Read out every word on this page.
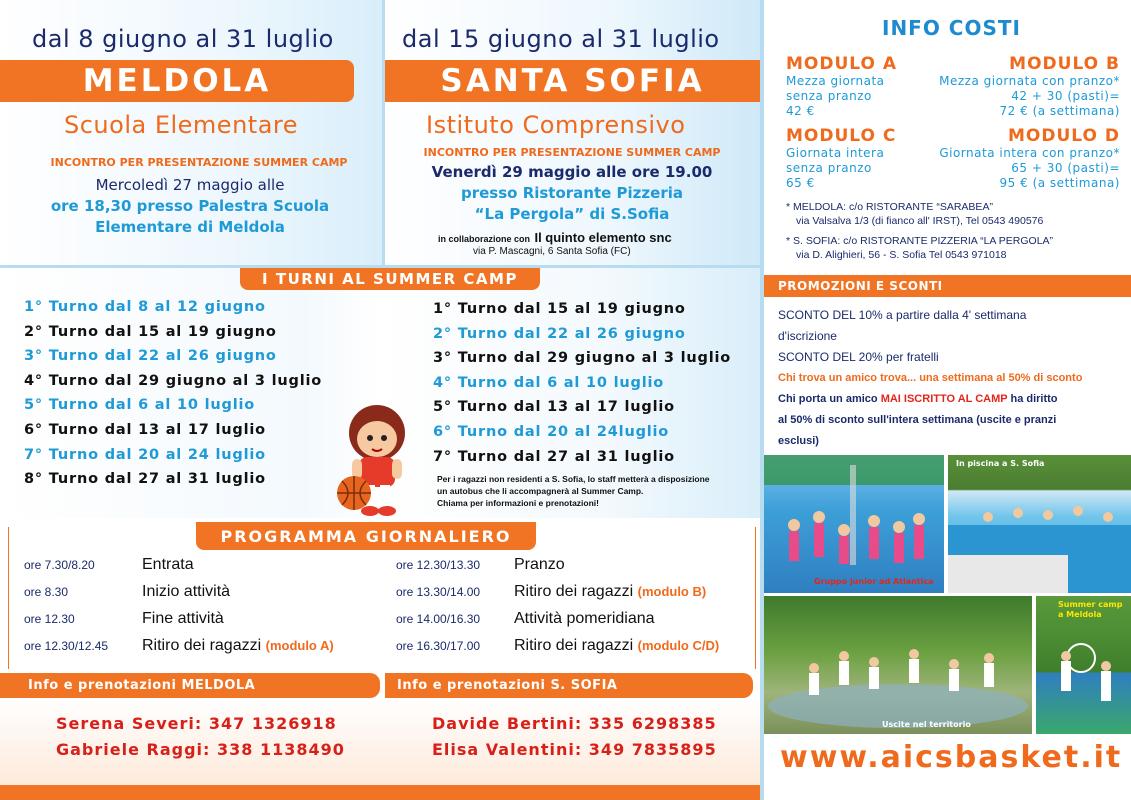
dal 8 giugno al 31 luglio
MELDOLA
Scuola Elementare
INCONTRO PER PRESENTAZIONE SUMMER CAMP
Mercoledì 27 maggio alle
ore 18,30 presso Palestra Scuola
Elementare di Meldola
dal 15 giugno al 31 luglio
SANTA SOFIA
Istituto Comprensivo
INCONTRO PER PRESENTAZIONE SUMMER CAMP
Venerdì 29 maggio alle ore 19.00
presso Ristorante Pizzeria
“La Pergola” di S.Sofia
in collaborazione con Il quinto elemento snc
via P. Mascagni, 6 Santa Sofia (FC)
I TURNI AL SUMMER CAMP
1° Turno dal 8 al 12 giugno
2° Turno dal 15 al 19 giugno
3° Turno dal 22 al 26 giugno
4° Turno dal 29 giugno al 3 luglio
5° Turno dal 6 al 10 luglio
6° Turno dal 13 al 17 luglio
7° Turno dal 20 al 24 luglio
8° Turno dal 27 al 31 luglio
1° Turno dal 15 al 19 giugno
2° Turno dal 22 al 26 giugno
3° Turno dal 29 giugno al 3 luglio
4° Turno dal 6 al 10 luglio
5° Turno dal 13 al 17 luglio
6° Turno dal 20 al 24luglio
7° Turno dal 27 al 31 luglio
Per i ragazzi non residenti a S. Sofia, lo staff metterà a disposizione
un autobus che li accompagnerà al Summer Camp.
Chiama per informazioni e prenotazioni!
PROGRAMMA GIORNALIERO
ore 7.30/8.20	Entrata
ore 8.30	Inizio attività
ore 12.30	Fine attività
ore 12.30/12.45	Ritiro dei ragazzi
(modulo A)
ore 12.30/13.30	Pranzo
ore 13.30/14.00	Ritiro dei ragazzi
(modulo B)
ore 14.00/16.30	Attività pomeridiana
ore 16.30/17.00	Ritiro dei ragazzi
(modulo C/D)
Info e prenotazioni MELDOLA	Info e prenotazioni S. SOFIA
Serena Severi: 347 1326918
Gabriele Raggi: 338 1138490
Davide Bertini: 335 6298385
Elisa Valentini: 349 7835895
INFO COSTI
MODULO A
Mezza giornata
senza pranzo
42 €
MODULO B
Mezza giornata con pranzo*
42 + 30 (pasti)=
72 € (a settimana)
MODULO C
Giornata intera
senza pranzo
65 €
MODULO D
Giornata intera con pranzo*
65 + 30 (pasti)=
95 € (a settimana)
* MELDOLA: c/o RISTORANTE “SARABEA”
via Valsalva 1/3 (di fianco all' IRST), Tel 0543 490576
* S. SOFIA: c/o RISTORANTE PIZZERIA “LA PERGOLA”
via D. Alighieri, 56 - S. Sofia Tel 0543 971018
PROMOZIONI E SCONTI
SCONTO DEL 10% a partire dalla 4' settimana
d'iscrizione
SCONTO DEL 20% per fratelli
Chi trova un amico trova... una settimana al 50% di sconto
Chi porta un amico MAI ISCRITTO AL CAMP ha diritto
al 50% di sconto sull'intera settimana (uscite e pranzi
esclusi)
Gruppo junior ad Atlantica
In piscina a S. Sofia
Uscite nel territorio
Summer camp a Meldola
www.aicsbasket.it
